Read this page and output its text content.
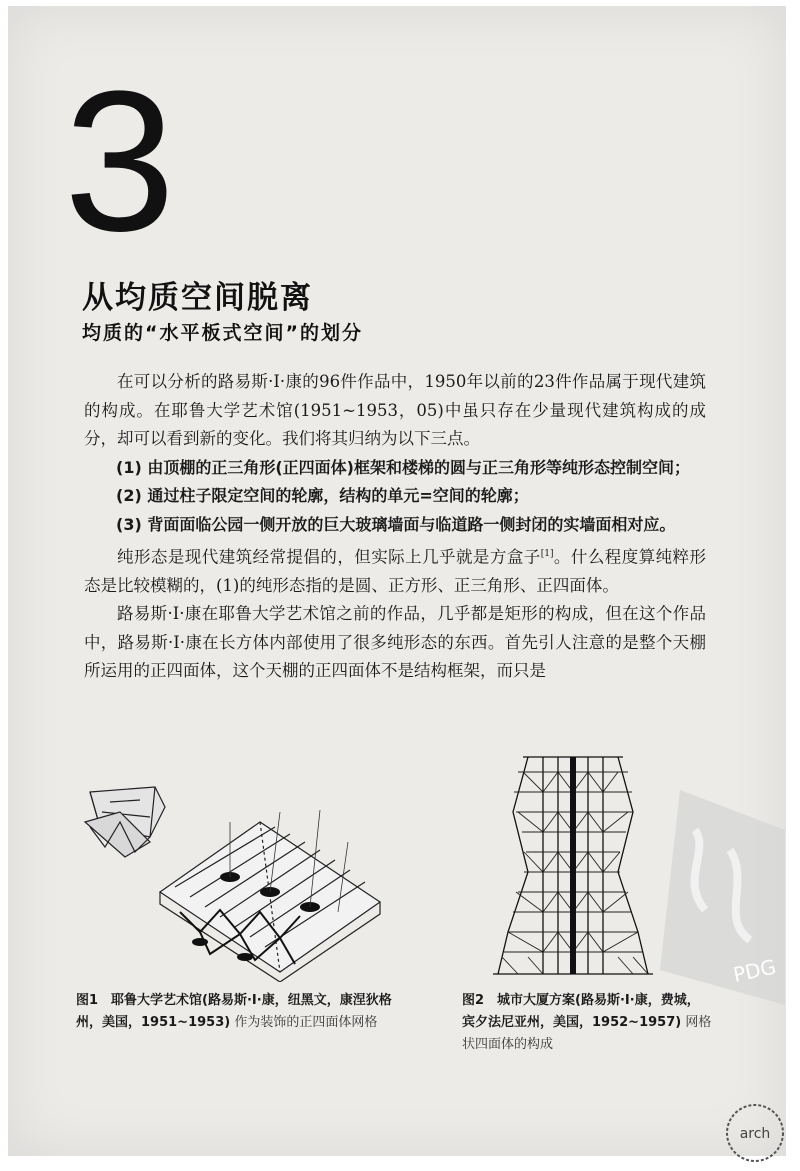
3
从均质空间脱离
均质的“水平板式空间”的划分

在可以分析的路易斯·I·康的96件作品中，1950年以前的23件作品属于现代建筑的构成。在耶鲁大学艺术馆(1951~1953，05)中虽只存在少量现代建筑构成的成分，却可以看到新的变化。我们将其归纳为以下三点。

(1) 由顶棚的正三角形(正四面体)框架和楼梯的圆与正三角形等纯形态控制空间；

(2) 通过柱子限定空间的轮廓，结构的单元=空间的轮廓；

(3) 背面面临公园一侧开放的巨大玻璃墙面与临道路一侧封闭的实墙面相对应。

纯形态是现代建筑经常提倡的，但实际上几乎就是方盒子[1]。什么程度算纯粹形态是比较模糊的，(1)的纯形态指的是圆、正方形、正三角形、正四面体。

路易斯·I·康在耶鲁大学艺术馆之前的作品，几乎都是矩形的构成，但在这个作品中，路易斯·I·康在长方体内部使用了很多纯形态的东西。首先引人注意的是整个天棚所运用的正四面体，这个天棚的正四面体不是结构框架，而只是

图1　耶鲁大学艺术馆(路易斯·I·康，纽黑文，康涅狄格州，美国，1951~1953) 作为装饰的正四面体网格
图2　城市大厦方案(路易斯·I·康，费城，宾夕法尼亚州，美国，1952~1957) 网格状四面体的构成
PDG
arch
